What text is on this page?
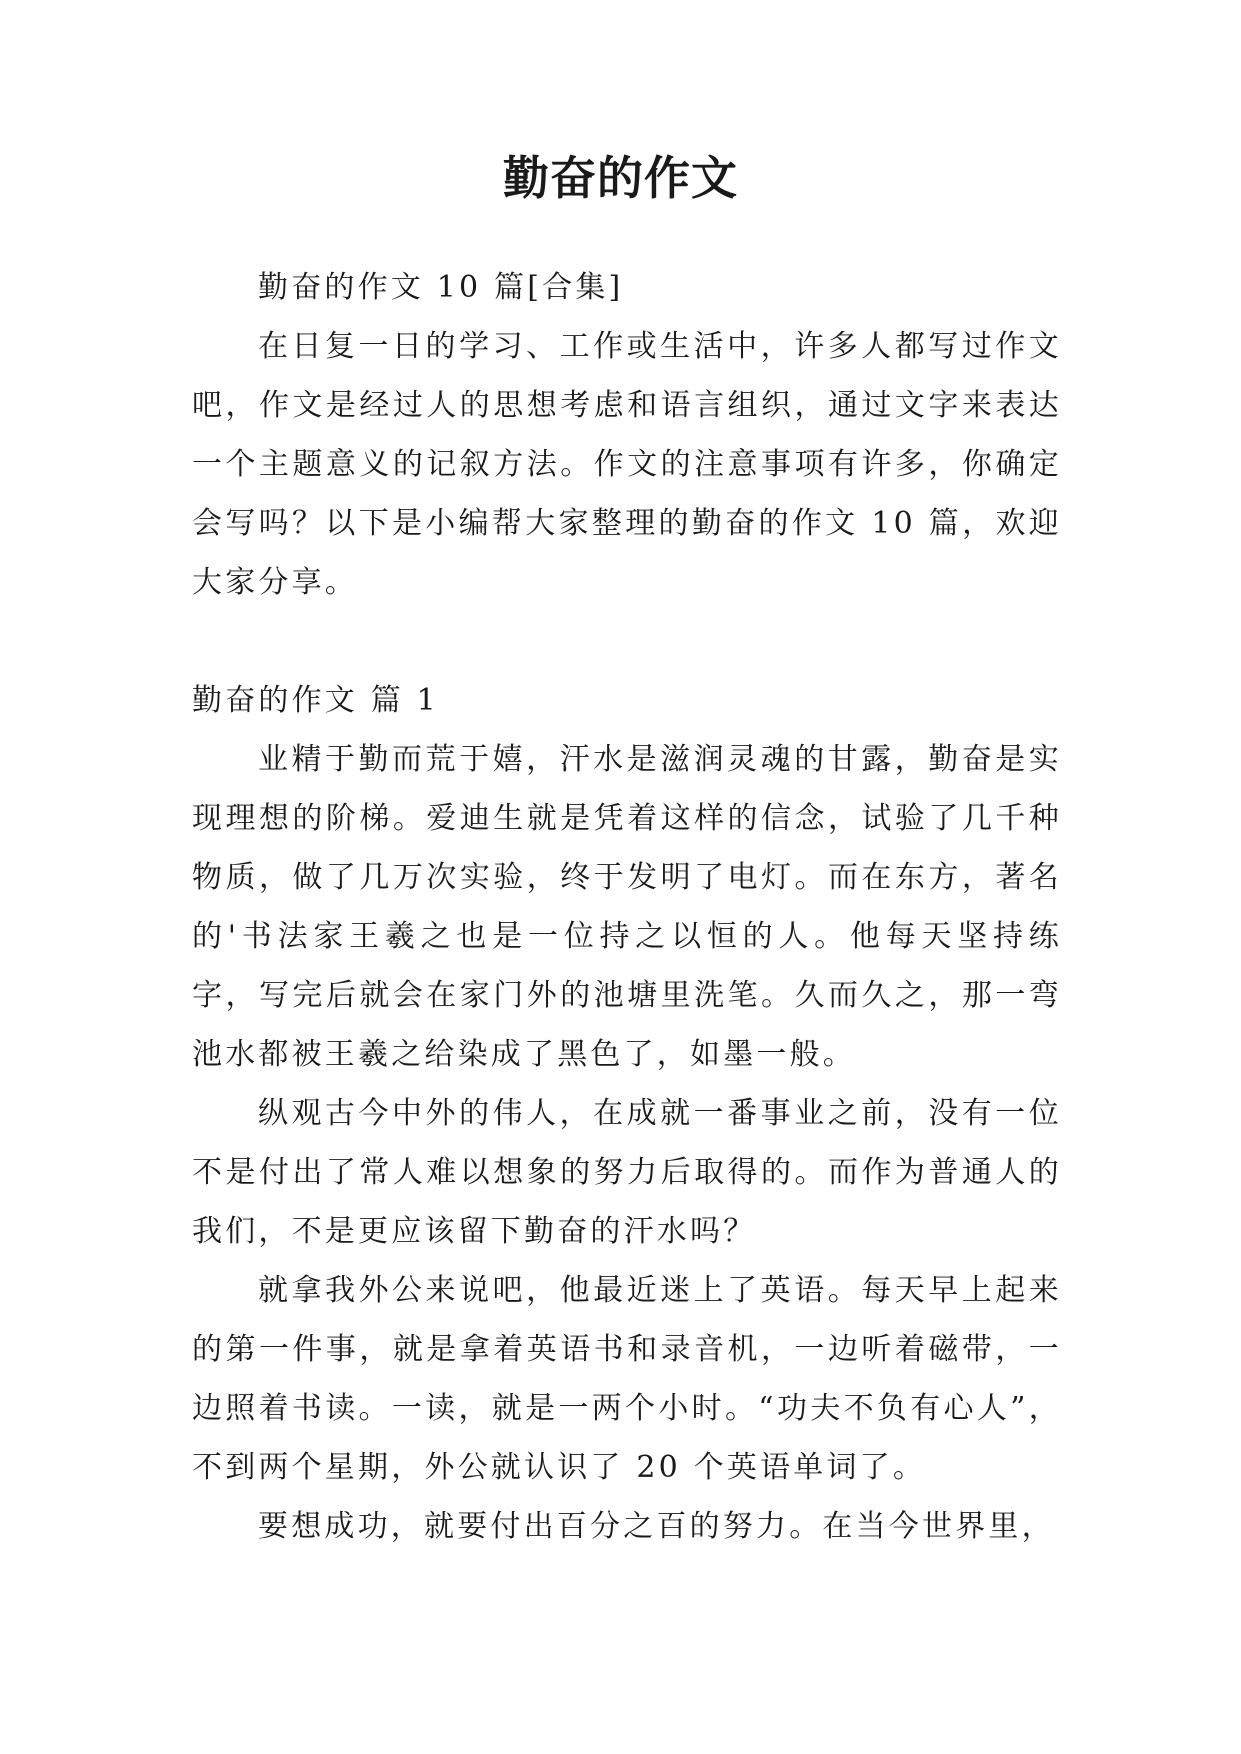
勤奋的作文

勤奋的作文 10 篇[合集]

在日复一日的学习、工作或生活中，许多人都写过作文吧，作文是经过人的思想考虑和语言组织，通过文字来表达一个主题意义的记叙方法。作文的注意事项有许多，你确定会写吗？以下是小编帮大家整理的勤奋的作文 10 篇，欢迎大家分享。

勤奋的作文 篇 1

业精于勤而荒于嬉，汗水是滋润灵魂的甘露，勤奋是实现理想的阶梯。爱迪生就是凭着这样的信念，试验了几千种物质，做了几万次实验，终于发明了电灯。而在东方，著名的'书法家王羲之也是一位持之以恒的人。他每天坚持练字，写完后就会在家门外的池塘里洗笔。久而久之，那一弯池水都被王羲之给染成了黑色了，如墨一般。

纵观古今中外的伟人，在成就一番事业之前，没有一位不是付出了常人难以想象的努力后取得的。而作为普通人的我们，不是更应该留下勤奋的汗水吗？

就拿我外公来说吧，他最近迷上了英语。每天早上起来的第一件事，就是拿着英语书和录音机，一边听着磁带，一边照着书读。一读，就是一两个小时。“功夫不负有心人”，不到两个星期，外公就认识了 20 个英语单词了。

要想成功，就要付出百分之百的努力。在当今世界里，
